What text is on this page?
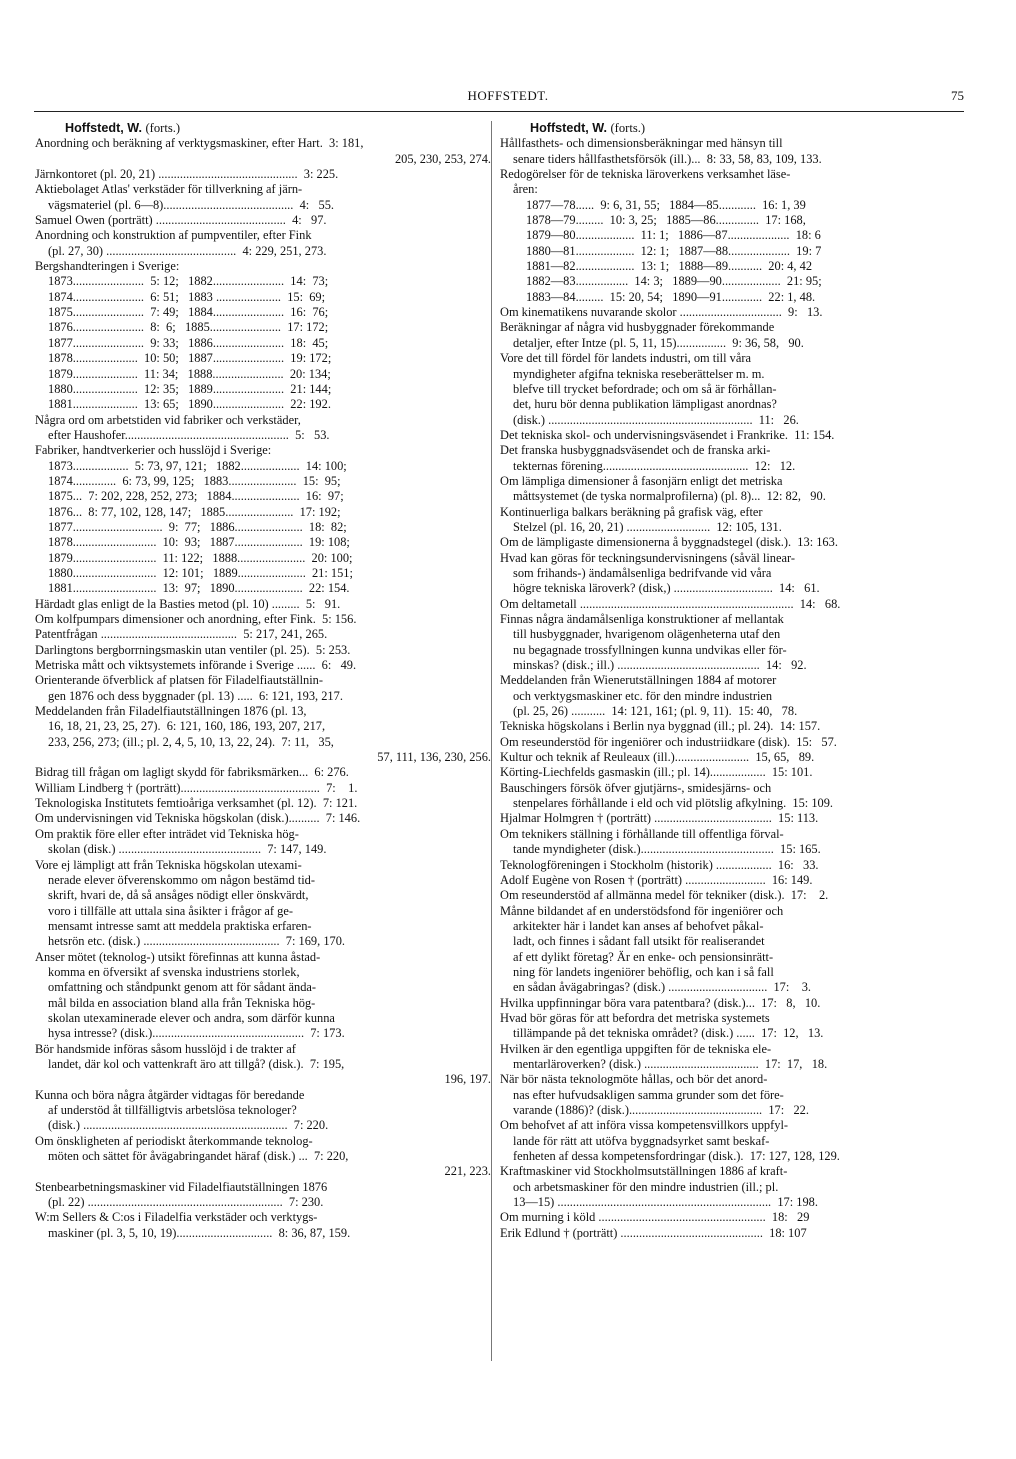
HOFFSTEDT.	75
Hoffstedt, W. (forts.)
Anordning och beräkning af verktygsmaskiner, efter Hart.  3: 181,
205, 230, 253, 274.
Järnkontoret (pl. 20, 21) .............................................  3: 225.
Aktiebolaget Atlas' verkstäder för tillverkning af järn-
vägsmateriel (pl. 6—8)..........................................  4:   55.
Samuel Owen (porträtt) ..........................................  4:   97.
Anordning och konstruktion af pumpventiler, efter Fink
(pl. 27, 30) ..........................................  4: 229, 251, 273.
Bergshandteringen i Sverige:
1873.......................  5: 12;   1882.......................  14:  73;
1874.......................  6: 51;   1883 .....................  15:  69;
1875.......................  7: 49;   1884.......................  16:  76;
1876.......................  8:  6;   1885.......................  17: 172;
1877.......................  9: 33;   1886.......................  18:  45;
1878.....................  10: 50;   1887.......................  19: 172;
1879.....................  11: 34;   1888.......................  20: 134;
1880.....................  12: 35;   1889.......................  21: 144;
1881.....................  13: 65;   1890.......................  22: 192.
Några ord om arbetstiden vid fabriker och verkstäder,
efter Haushofer.....................................................  5:   53.
Fabriker, handtverkerier och husslöjd i Sverige:
1873..................  5: 73, 97, 121;   1882...................  14: 100;
1874..............  6: 73, 99, 125;   1883......................  15:  95;
1875...  7: 202, 228, 252, 273;   1884......................  16:  97;
1876...  8: 77, 102, 128, 147;   1885......................  17: 192;
1877.............................  9:  77;   1886......................  18:  82;
1878...........................  10:  93;   1887......................  19: 108;
1879...........................  11: 122;   1888......................  20: 100;
1880...........................  12: 101;   1889......................  21: 151;
1881...........................  13:  97;   1890......................  22: 154.
Härdadt glas enligt de la Basties metod (pl. 10) .........  5:   91.
Om kolfpumpars dimensioner och anordning, efter Fink.  5: 156.
Patentfrågan ............................................  5: 217, 241, 265.
Darlingtons bergborrningsmaskin utan ventiler (pl. 25).  5: 253.
Metriska mått och viktsystemets införande i Sverige ......  6:   49.
Orienterande öfverblick af platsen för Filadelfiautställnin-
gen 1876 och dess byggnader (pl. 13) .....  6: 121, 193, 217.
Meddelanden från Filadelfiautställningen 1876 (pl. 13,
16, 18, 21, 23, 25, 27).  6: 121, 160, 186, 193, 207, 217,
233, 256, 273; (ill.; pl. 2, 4, 5, 10, 13, 22, 24).  7: 11,   35,
57, 111, 136, 230, 256.
Bidrag till frågan om lagligt skydd för fabriksmärken...  6: 276.
William Lindberg † (porträtt).............................................  7:    1.
Teknologiska Institutets femtioåriga verksamhet (pl. 12).  7: 121.
Om undervisningen vid Tekniska högskolan (disk.)..........  7: 146.
Om praktik före eller efter inträdet vid Tekniska hög-
skolan (disk.) ..............................................  7: 147, 149.
Vore ej lämpligt att från Tekniska högskolan utexami-
nerade elever öfverenskommo om någon bestämd tid-
skrift, hvari de, då så ansåges nödigt eller önskvärdt,
voro i tillfälle att uttala sina åsikter i frågor af ge-
mensamt intresse samt att meddela praktiska erfaren-
hetsrön etc. (disk.) ............................................  7: 169, 170.
Anser mötet (teknolog-) utsikt förefinnas att kunna åstad-
komma en öfversikt af svenska industriens storlek,
omfattning och ståndpunkt genom att för sådant ända-
mål bilda en association bland alla från Tekniska hög-
skolan utexaminerade elever och andra, som därför kunna
hysa intresse? (disk.).................................................  7: 173.
Bör handsmide införas såsom husslöjd i de trakter af
landet, där kol och vattenkraft äro att tillgå? (disk.).  7: 195,
196, 197.
Kunna och böra några åtgärder vidtagas för beredande
af understöd åt tillfälligtvis arbetslösa teknologer?
(disk.) ..................................................................  7: 220.
Om önskligheten af periodiskt återkommande teknolog-
möten och sättet för åvägabringandet häraf (disk.) ...  7: 220,
221, 223.
Stenbearbetningsmaskiner vid Filadelfiautställningen 1876
(pl. 22) ...............................................................  7: 230.
W:m Sellers & C:os i Filadelfia verkstäder och verktygs-
maskiner (pl. 3, 5, 10, 19)...............................  8: 36, 87, 159.
Hoffstedt, W. (forts.)
Hållfasthets- och dimensionsberäkningar med hänsyn till
senare tiders hållfasthetsförsök (ill.)...  8: 33, 58, 83, 109, 133.
Redogörelser för de tekniska läroverkens verksamhet läse-
åren:
1877—78......  9: 6, 31, 55;   1884—85............  16: 1, 39
1878—79.........  10: 3, 25;   1885—86..............  17: 168,
1879—80...................  11: 1;   1886—87....................  18: 6
1880—81...................  12: 1;   1887—88....................  19: 7
1881—82...................  13: 1;   1888—89...........  20: 4, 42
1882—83.................  14: 3;   1889—90...................  21: 95;
1883—84.........  15: 20, 54;   1890—91.............  22: 1, 48.
Om kinematikens nuvarande skolor .................................  9:   13.
Beräkningar af några vid husbyggnader förekommande
detaljer, efter Intze (pl. 5, 11, 15)................  9: 36, 58,   90.
Vore det till fördel för landets industri, om till våra
myndigheter afgifna tekniska reseberättelser m. m.
blefve till trycket befordrade; och om så är förhållan-
det, huru bör denna publikation lämpligast anordnas?
(disk.) ..................................................................  11:   26.
Det tekniska skol- och undervisningsväsendet i Frankrike.  11: 154.
Det franska husbyggnadsväsendet och de franska arki-
tekternas förening...............................................  12:   12.
Om lämpliga dimensioner å fasonjärn enligt det metriska
måttsystemet (de tyska normalprofilerna) (pl. 8)...  12: 82,   90.
Kontinuerliga balkars beräkning på grafisk väg, efter
Stelzel (pl. 16, 20, 21) ...........................  12: 105, 131.
Om de lämpligaste dimensionerna å byggnadstegel (disk.).  13: 163.
Hvad kan göras för teckningsundervisningens (såväl linear-
som frihands-) ändamålsenliga bedrifvande vid våra
högre tekniska läroverk? (disk,) ................................  14:   61.
Om deltametall .....................................................................  14:   68.
Finnas några ändamålsenliga konstruktioner af mellantak
till husbyggnader, hvarigenom olägenheterna utaf den
nu begagnade trossfyllningen kunna undvikas eller för-
minskas? (disk.; ill.) ..............................................  14:   92.
Meddelanden från Wienerutställningen 1884 af motorer
och verktygsmaskiner etc. för den mindre industrien
(pl. 25, 26) ...........  14: 121, 161; (pl. 9, 11).  15: 40,   78.
Tekniska högskolans i Berlin nya byggnad (ill.; pl. 24).  14: 157.
Om reseunderstöd för ingeniörer och industriidkare (disk).  15:   57.
Kultur och teknik af Reuleaux (ill.)........................  15, 65,   89.
Körting-Liechfelds gasmaskin (ill.; pl. 14)..................  15: 101.
Bauschingers försök öfver gjutjärns-, smidesjärns- och
stenpelares förhållande i eld och vid plötslig afkylning.  15: 109.
Hjalmar Holmgren † (porträtt) ......................................  15: 113.
Om teknikers ställning i förhållande till offentliga förval-
tande myndigheter (disk.)...........................................  15: 165.
Teknologföreningen i Stockholm (historik) ..................  16:   33.
Adolf Eugène von Rosen † (porträtt) ..........................  16: 149.
Om reseunderstöd af allmänna medel för tekniker (disk.).  17:    2.
Månne bildandet af en understödsfond för ingeniörer och
arkitekter här i landet kan anses af behofvet påkal-
ladt, och finnes i sådant fall utsikt för realiserandet
af ett dylikt företag? Är en enke- och pensionsinrätt-
ning för landets ingeniörer behöflig, och kan i så fall
en sådan åvägabringas? (disk.) ................................  17:    3.
Hvilka uppfinningar böra vara patentbara? (disk.)...  17:   8,   10.
Hvad bör göras för att befordra det metriska systemets
tillämpande på det tekniska området? (disk.) ......  17:  12,   13.
Hvilken är den egentliga uppgiften för de tekniska ele-
mentarläroverken? (disk.) .....................................  17:  17,   18.
När bör nästa teknologmöte hållas, och bör det anord-
nas efter hufvudsakligen samma grunder som det före-
varande (1886)? (disk.)...........................................  17:   22.
Om behofvet af att införa vissa kompetensvillkors uppfyl-
lande för rätt att utöfva byggnadsyrket samt beskaf-
fenheten af dessa kompetensfordringar (disk.).  17: 127, 128, 129.
Kraftmaskiner vid Stockholmsutställningen 1886 af kraft-
och arbetsmaskiner för den mindre industrien (ill.; pl.
13—15) .....................................................................  17: 198.
Om murning i köld ......................................................  18:   29
Erik Edlund † (porträtt) ..............................................  18: 107
